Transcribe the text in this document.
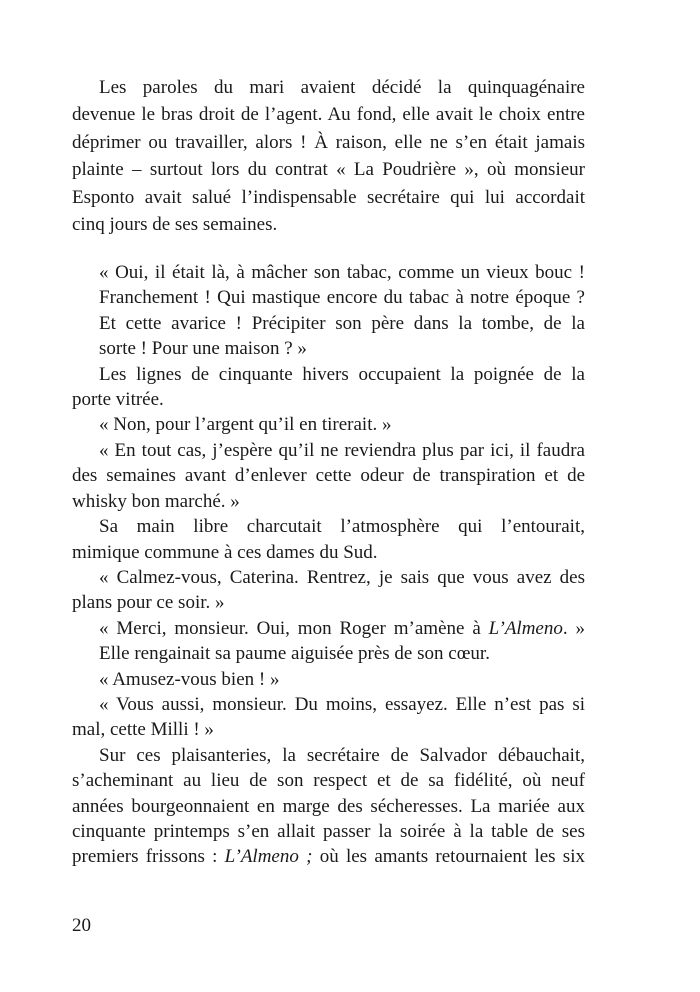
Les paroles du mari avaient décidé la quinquagénaire
devenue le bras droit de l’agent. Au fond, elle avait le choix entre
déprimer ou travailler, alors ! À raison, elle ne s’en était jamais
plainte – surtout lors du contrat « La Poudrière », où monsieur
Esponto avait salué l’indispensable secrétaire qui lui accordait
cinq jours de ses semaines.
« Oui, il était là, à mâcher son tabac, comme un vieux bouc !
Franchement ! Qui mastique encore du tabac à notre époque ?
Et cette avarice ! Précipiter son père dans la tombe, de la
sorte ! Pour une maison ? »
Les lignes de cinquante hivers occupaient la poignée de la
porte vitrée.
« Non, pour l’argent qu’il en tirerait. »
« En tout cas, j’espère qu’il ne reviendra plus par ici, il faudra
des semaines avant d’enlever cette odeur de transpiration et de
whisky bon marché. »
Sa main libre charcutait l’atmosphère qui l’entourait,
mimique commune à ces dames du Sud.
« Calmez-vous, Caterina. Rentrez, je sais que vous avez des
plans pour ce soir. »
« Merci, monsieur. Oui, mon Roger m’amène à L’Almeno. »
Elle rengainait sa paume aiguisée près de son cœur.
« Amusez-vous bien ! »
« Vous aussi, monsieur. Du moins, essayez. Elle n’est pas si
mal, cette Milli ! »
Sur ces plaisanteries, la secrétaire de Salvador débauchait,
s’acheminant au lieu de son respect et de sa fidélité, où neuf
années bourgeonnaient en marge des sécheresses. La mariée aux
cinquante printemps s’en allait passer la soirée à la table de ses
premiers frissons : L’Almeno ; où les amants retournaient les six
20
